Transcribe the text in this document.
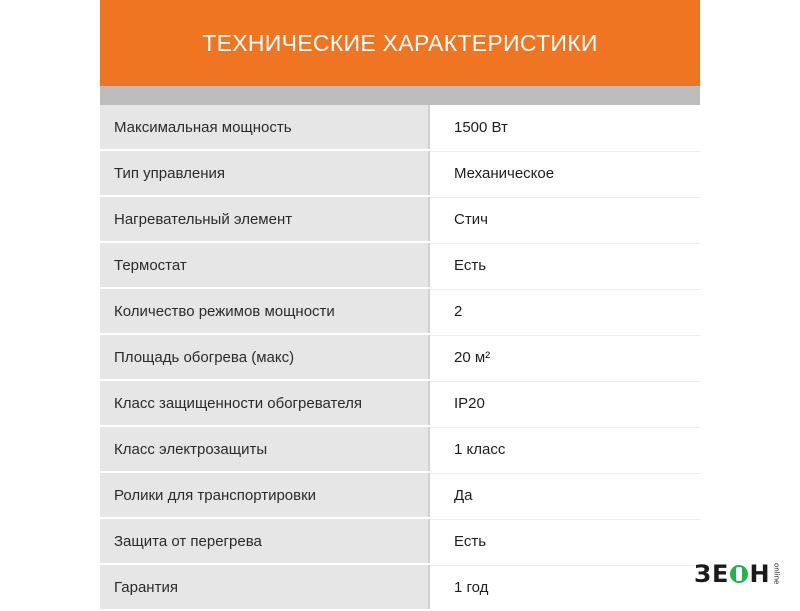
ТЕХНИЧЕСКИЕ ХАРАКТЕРИСТИКИ
Максимальная мощность	1500 Вт
Тип управления	Механическое
Нагревательный элемент	Стич
Термостат	Есть
Количество режимов мощности	2
Площадь обогрева (макс)	20 м²
Класс защищенности обогревателя	IP20
Класс электрозащиты	1 класс
Ролики для транспортировки	Да
Защита от перегрева	Есть
Гарантия	1 год	ЗЕ Н onlinе
